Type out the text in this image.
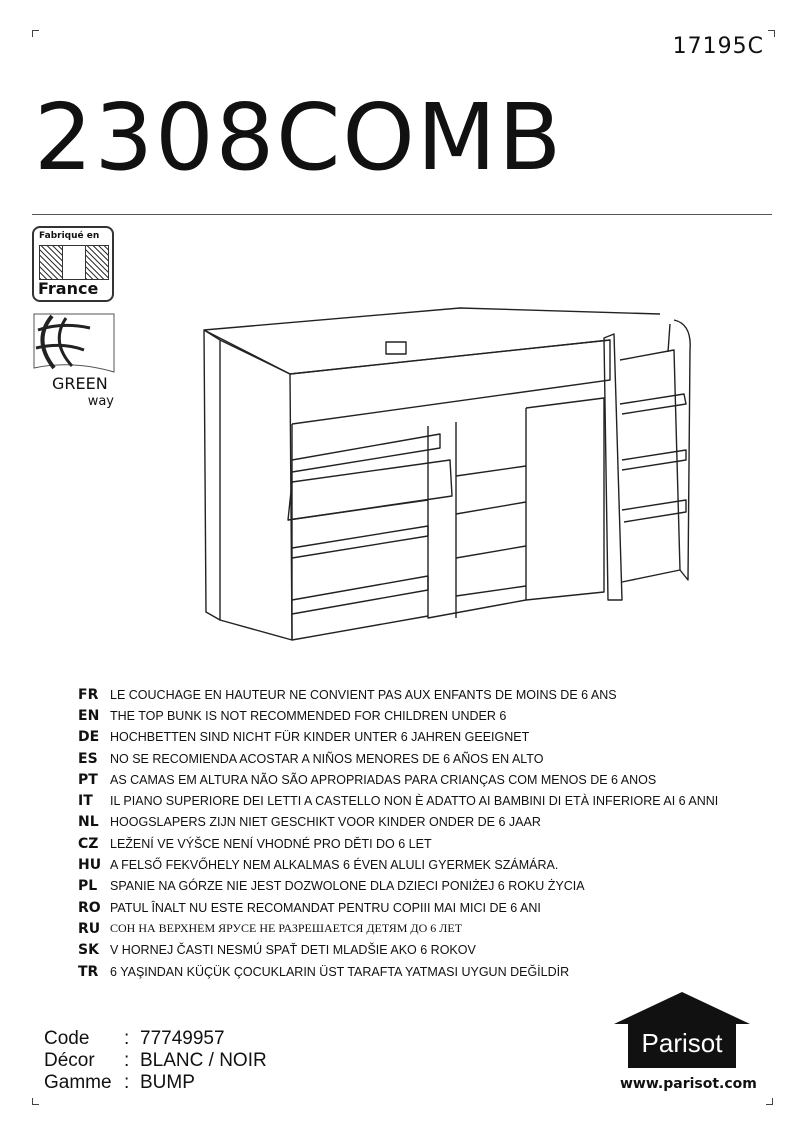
17195C
2308COMB
Fabriqué en
France
GREEN
way
FR LE COUCHAGE EN HAUTEUR NE CONVIENT PAS AUX ENFANTS DE MOINS DE 6 ANS
EN THE TOP BUNK IS NOT RECOMMENDED FOR CHILDREN UNDER 6
DE HOCHBETTEN SIND NICHT FÜR KINDER UNTER 6 JAHREN GEEIGNET
ES NO SE RECOMIENDA ACOSTAR A NIÑOS MENORES DE 6 AÑOS EN ALTO
PT AS CAMAS EM ALTURA NÃO SÃO APROPRIADAS PARA CRIANÇAS COM MENOS DE 6 ANOS
IT	IL PIANO SUPERIORE DEI LETTI A CASTELLO NON È ADATTO AI BAMBINI DI ETÀ INFERIORE AI 6 ANNI
NL HOOGSLAPERS ZIJN NIET GESCHIKT VOOR KINDER ONDER DE 6 JAAR
CZ LEŽENÍ VE VÝŠCE NENÍ VHODNÉ PRO DĚTI DO 6 LET
HU A FELSŐ FEKVŐHELY NEM ALKALMAS 6 ÉVEN ALULI GYERMEK SZÁMÁRA.
PL	SPANIE NA GÓRZE NIE JEST DOZWOLONE DLA DZIECI PONIŻEJ 6 ROKU ŻYCIA
RO PATUL ÎNALT NU ESTE RECOMANDAT PENTRU COPIII MAI MICI DE 6 ANI
RU СОН НА ВЕРХНЕМ ЯРУСЕ НЕ РАЗРЕШАЕТСЯ ДЕТЯМ ДО 6 ЛЕТ
SK V HORNEJ ČASTI NESMÚ SPAŤ DETI MLADŠIE AKO 6 ROKOV
TR 6 YAŞINDAN KÜÇÜK ÇOCUKLARIN ÜST TARAFTA YATMASI UYGUN DEĞİLDİR
Code	: 77749957
Décor	: BLANC / NOIR
Gamme : BUMP
Parisot
www.parisot.com
